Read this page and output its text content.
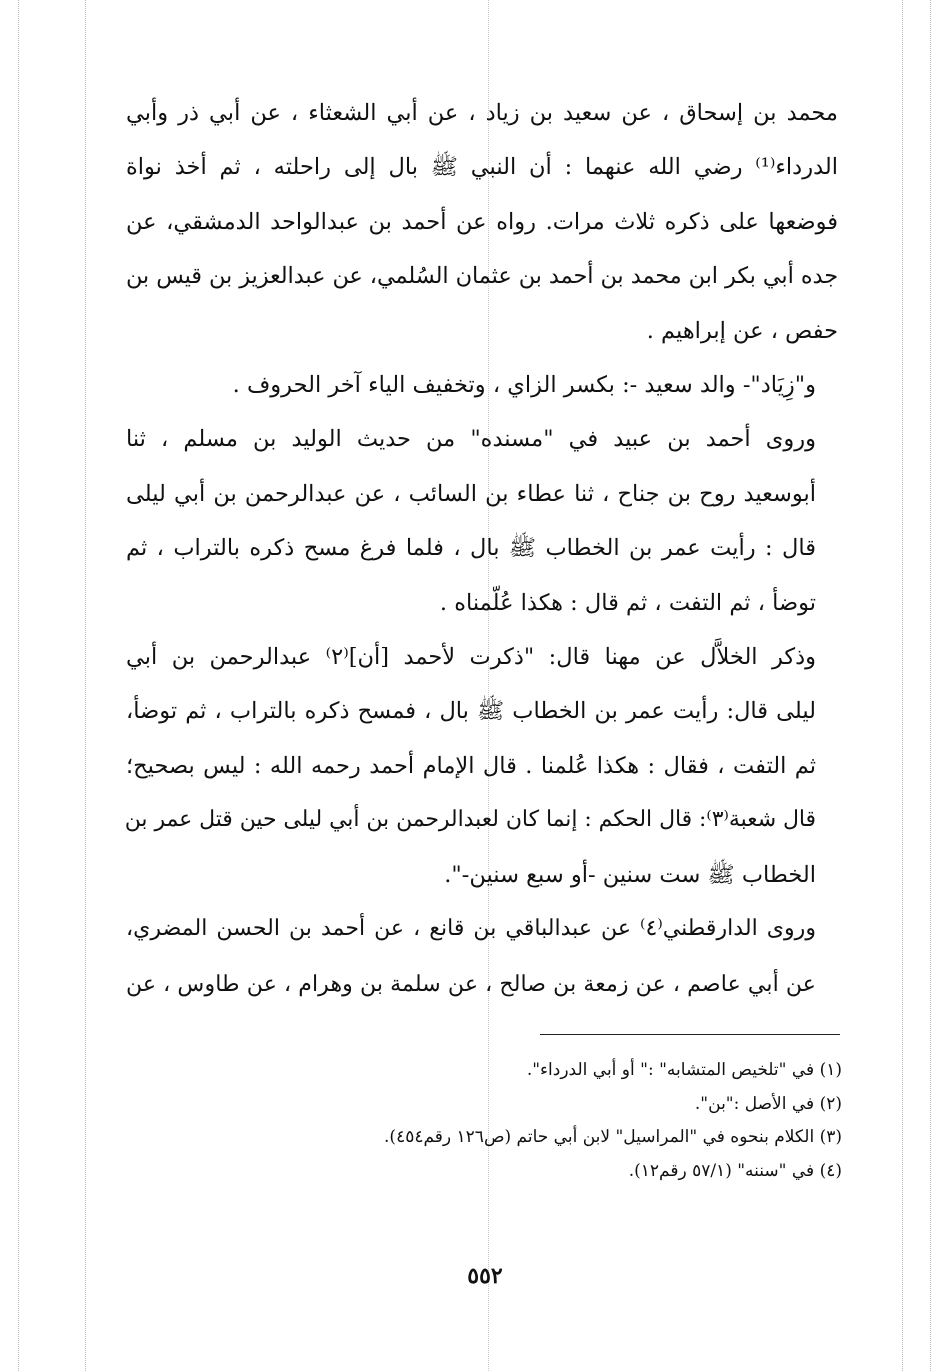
محمد بن إسحاق ، عن سعيد بن زياد ، عن أبي الشعثاء ، عن أبي ذر وأبي
الدرداء⁽¹⁾ رضي الله عنهما : أن النبي ﷺ بال إلى راحلته ، ثم أخذ نواة
فوضعها على ذكره ثلاث مرات. رواه عن أحمد بن عبدالواحد الدمشقي، عن
جده أبي بكر ابن محمد بن أحمد بن عثمان السُلمي، عن عبدالعزيز بن قيس بن
حفص ، عن إبراهيم .

و"زِيَاد"- والد سعيد -: بكسر الزاي ، وتخفيف الياء آخر الحروف .

وروى أحمد بن عبيد في "مسنده" من حديث الوليد بن مسلم ، ثنا
أبوسعيد روح بن جناح ، ثنا عطاء بن السائب ، عن عبدالرحمن بن أبي ليلى
قال : رأيت عمر بن الخطاب ﷺ بال ، فلما فرغ مسح ذكره بالتراب ، ثم
توضأ ، ثم التفت ، ثم قال : هكذا عُلّمناه .

وذكر الخلاَّل عن مهنا قال: "ذكرت لأحمد [أن]⁽٢⁾ عبدالرحمن بن أبي
ليلى قال: رأيت عمر بن الخطاب ﷺ بال ، فمسح ذكره بالتراب ، ثم توضأ،
ثم التفت ، فقال : هكذا عُلمنا . قال الإمام أحمد رحمه الله : ليس بصحيح؛
قال شعبة⁽٣⁾: قال الحكم : إنما كان لعبدالرحمن بن أبي ليلى حين قتل عمر بن
الخطاب ﷺ ست سنين -أو سبع سنين-".

وروى الدارقطني⁽٤⁾ عن عبدالباقي بن قانع ، عن أحمد بن الحسن المضري،
عن أبي عاصم ، عن زمعة بن صالح ، عن سلمة بن وهرام ، عن طاوس ، عن

(١) في "تلخيص المتشابه" :" أو أبي الدرداء".
(٢) في الأصل :"بن".
(٣) الكلام بنحوه في "المراسيل" لابن أبي حاتم (ص١٢٦ رقم٤٥٤).
(٤) في "سننه" (٥٧/١ رقم١٢).
٥٥٢
